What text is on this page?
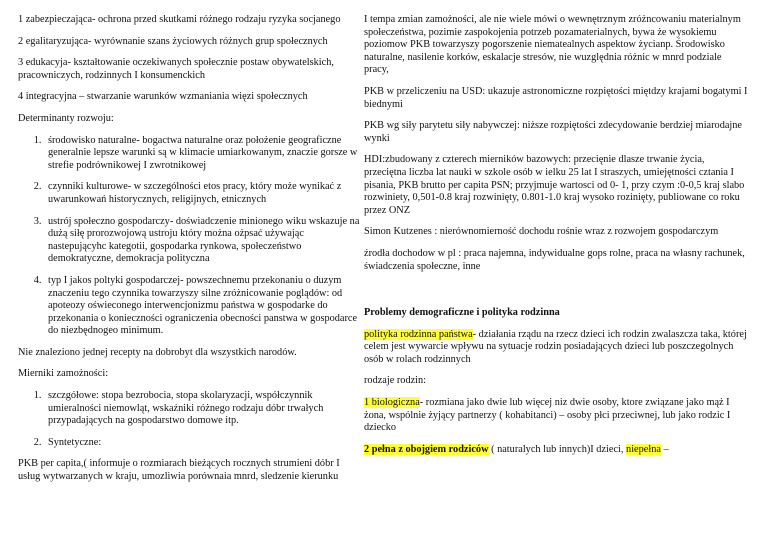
1 zabezpieczająca- ochrona przed skutkami różnego rodzaju ryzyka socjanego

2 egalitaryzująca- wyrównanie szans życiowych różnych grup społecznych

3 edukacyja- kształtowanie oczekiwanych społecznie postaw obywatelskich, pracowniczych, rodzinnych I konsumenckich

4 integracyjna – stwarzanie warunków wzmaniania więzi społecznych

Determinanty rozwoju:

1. środowisko naturalne- bogactwa naturalne oraz położenie geograficzne generalnie lepsze warunki są w klimacie umiarkowanym, znaczie gorsze w strefie podrównikowej I zwrotnikowej
2. czynniki kulturowe- w szczególności etos pracy, który może wynikać z uwarunkowań historycznych, religijnych, etnicznych
3. ustrój społeczno gospodarczy- doświadczenie minionego wiku wskazuje na dużą siłę prorozwojową ustroju który można ożpsać używając nastepującyhc kategotii, gospodarka rynkowa, społeczeństwo demokratyczne, demokracja polityczna
4. typ I jakos poltyki gospodarczej- powszechnemu przekonaniu o duzym znaczeniu tego czynnika towarzyszy silne zróżnicowanie poglądów: od apoteozy oświeconego interwencjonizmu państwa w gospodarke do przekonania o konieczności ograniczenia obecności panstwa w gospodarce do niezbędnogeo minimum.

Nie znaleziono jednej recepty na dobrobyt dla wszystkich narodów.

Mierniki zamożności:

1. szczgółowe: stopa bezrobocia, stopa skolaryzacji, współczynnik umieralności niemowląt, wskaźniki różnego rodzaju dóbr trwałych przypadających na gospodarstwo domowe itp.
2. Syntetyczne:

PKB per capita,( informuje o rozmiarach bieżących rocznych strumieni dóbr I usług wytwarzanych w kraju, umozliwia porównaia mnrd, sledzenie kierunku

I tempa zmian zamożności, ale nie wiele mówi o wewnętrznym zróżncowaniu materialnym społeczeństwa, pozimie zaspokojenia potrzeb pozamaterialnych, bywa że wysokiemu poziomow PKB towarzyszy pogorszenie niematealnych aspektow życianp. Środowisko naturalne, nasilenie korków, eskalacje stresów, nie wuzględnia różnic w mnrd podziale pracy,

PKB w przeliczeniu na USD: ukazuje astronomiczne rozpiętości miętdzy krajami bogatymi I biednymi

PKB wg siły parytetu siły nabywczej: niższe rozpiętości zdecydowanie berdziej miarodajne wynki

HDI:zbudowany z czterech mierników bazowych: przecięnie dlasze trwanie życia, przeciętna liczba lat nauki w szkole osób w ielku 25 lat I straszych, umiejętności cztania I pisania, PKB brutto per capita PSN; przyjmuje wartosci od 0- 1, przy czym :0-0,5 kraj slabo rozwiniety, 0,501-0.8 kraj rozwinięty, 0.801-1.0 kraj wysoko rozinięty, publiowane co roku przez ONZ

Simon Kutzenes : nierównomierność dochodu rośnie wraz z rozwojem gospodarczym

źrodła dochodow w pl : praca najemna, indywidualne gops rolne, praca na własny rachunek, świadczenia społeczne, inne

Problemy demograficzne i polityka rodzinna

polityka rodzinna państwa- działania rządu na rzecz dzieci ich rodzin zwalaszcza taka, której celem jest wywarcie wpływu na sytuacje rodzin posiadających dzieci lub poszczegolnych osób w rolach rodzinnych

rodzaje rodzin:

1 biologiczna- rozmiana jako dwie lub więcej niz dwie osoby, ktore związane jako mąż I żona, wspólnie żyjący partnerzy ( kohabitanci) – osoby płci przeciwnej, lub jako rodzic I dziecko

2 pełna z obojgiem rodziców ( naturalych lub innych)I dzieci, niepełna –
